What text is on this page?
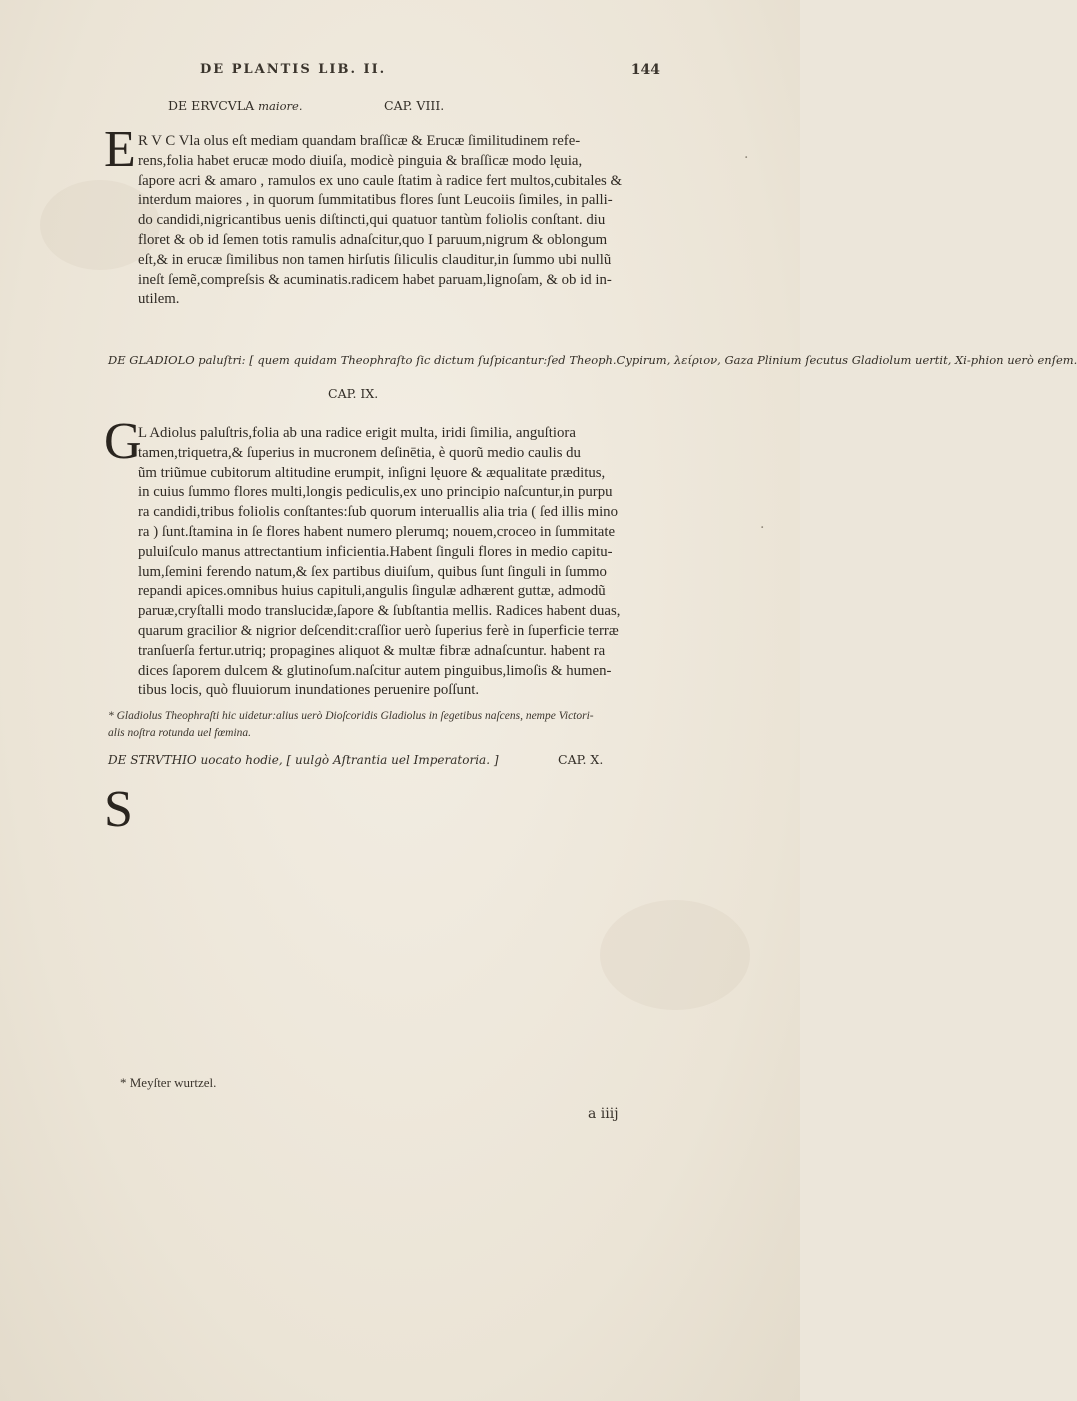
DE PLANTIS LIB. II.	144
DE ERVCVLA maiore.	CAP. VIII.
E R V C Vla olus eſt mediam quandam braſſicæ & Erucæ ſimilitudinem refe-
rens,folia habet erucæ modo diuiſa, modicè pinguia & braſſicæ modo lęuia,
ſapore acri & amaro , ramulos ex uno caule ſtatim à radice fert multos,cubitales &
interdum maiores , in quorum ſummitatibus flores ſunt Leucoiis ſimiles, in palli-
do candidi,nigricantibus uenis diſtincti,qui quatuor tantùm foliolis conſtant. diu
floret & ob id ſemen totis ramulis adnaſcitur,quo I paruum,nigrum & oblongum
eſt,& in erucæ ſimilibus non tamen hirſutis ſiliculis clauditur,in ſummo ubi nullũ
ineſt ſemẽ,compreſsis & acuminatis.radicem habet paruam,lignoſam, & ob id in-
utilem.
DE GLADIOLO paluſtri: [ quem quidam Theophraſto ſic dictum ſuſpicantur:ſed Theoph.Cypirum, λείριον, Gaza Plinium ſecutus Gladiolum uertit, Xi-phion uerò enſem.
CAP. IX.
G
L Adiolus paluſtris,folia ab una radice erigit multa, iridi ſimilia, anguſtiora
tamen,triquetra,& ſuperius in mucronem deſinētia, è quorũ medio caulis du
ũm triũmue cubitorum altitudine erumpit, inſigni lęuore & æqualitate præditus,
in cuius ſummo flores multi,longis pediculis,ex uno principio naſcuntur,in purpu
ra candidi,tribus foliolis conſtantes:ſub quorum interuallis alia tria ( ſed illis mino
ra ) ſunt.ſtamina in ſe flores habent numero plerumq; nouem,croceo in ſummitate
puluiſculo manus attrectantium inficientia.Habent ſinguli flores in medio capitu-
lum,ſemini ferendo natum,& ſex partibus diuiſum, quibus ſunt ſinguli in ſummo
repandi apices.omnibus huius capituli,angulis ſingulæ adhærent guttæ, admodũ
paruæ,cryſtalli modo translucidæ,ſapore & ſubſtantia mellis. Radices habent duas,
quarum gracilior & nigrior deſcendit:craſſior uerò ſuperius ferè in ſuperficie terræ
tranſuerſa fertur.utriq; propagines aliquot & multæ fibræ adnaſcuntur. habent ra
dices ſaporem dulcem & glutinoſum.naſcitur autem pinguibus,limoſis & humen-
tibus locis, quò fluuiorum inundationes peruenire poſſunt.
* Gladiolus Theophraſti hic uidetur:alius uerò Dioſcoridis Gladiolus in ſegetibus naſcens, nempe Victori-
alis noſtra rotunda uel fœmina.
DE STRVTHIO uocato hodie, [ uulgò Aſtrantia uel Imperatoria. ]	CAP. X.
S
* Meyſter wurtzel.
a iiij
·
·
